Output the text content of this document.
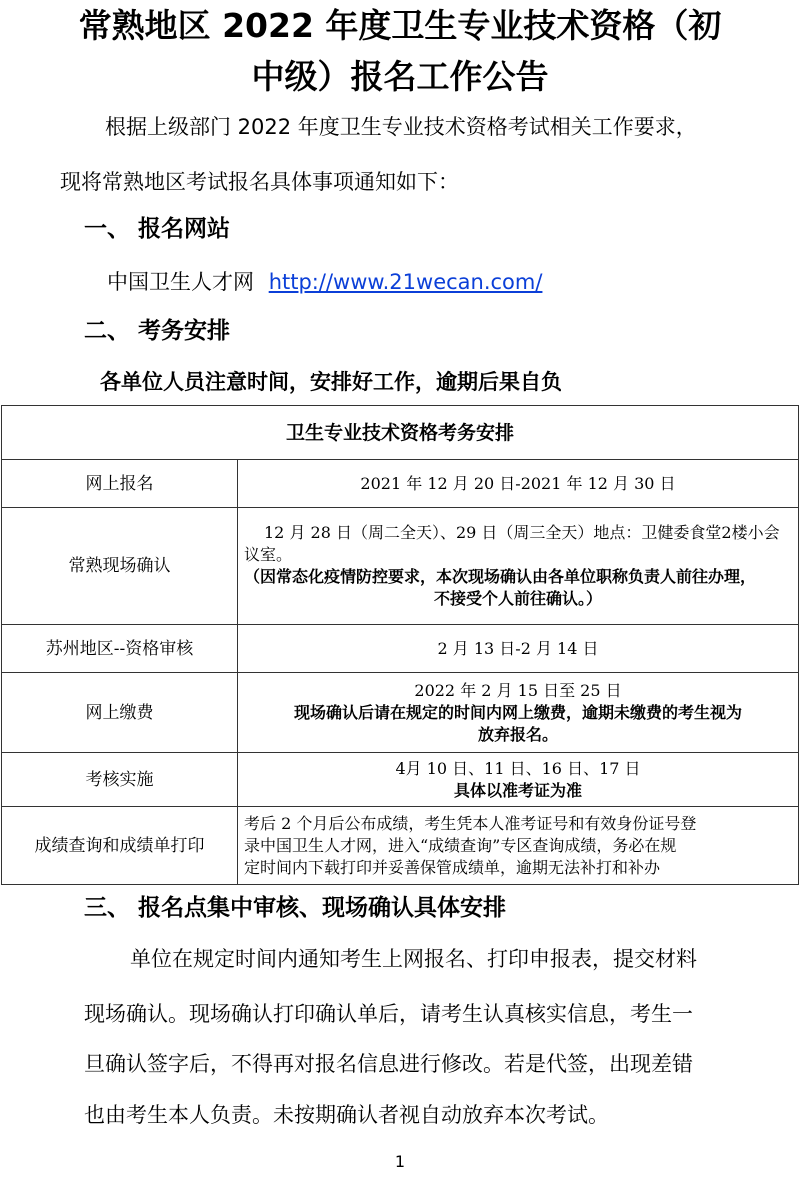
常熟地区 2022 年度卫生专业技术资格（初
中级）报名工作公告

根据上级部门 2022 年度卫生专业技术资格考试相关工作要求，

现将常熟地区考试报名具体事项通知如下：

一、 报名网站

中国卫生人才网 http://www.21wecan.com/

二、 考务安排

各单位人员注意时间，安排好工作，逾期后果自负

卫生专业技术资格考务安排	
网上报名	2021 年 12 月 20 日-2021 年 12 月 30 日
常熟现场确认	12 月 28 日（周二全天）、29 日（周三全天）地点：卫健委食堂2楼小会
议室。
（因常态化疫情防控要求，本次现场确认由各单位职称负责人前往办理，
不接受个人前往确认。）

苏州地区--资格审核	2 月 13 日-2 月 14 日
网上缴费	2022 年 2 月 15 日至 25 日
现场确认后请在规定的时间内网上缴费，逾期未缴费的考生视为
放弃报名。

考核实施	4月 10 日、11 日、16 日、17 日
具体以准考证为准

成绩查询和成绩单打印	考后 2 个月后公布成绩，考生凭本人准考证号和有效身份证号登
录中国卫生人才网，进入“成绩查询”专区查询成绩，务必在规
定时间内下载打印并妥善保管成绩单，逾期无法补打和补办
三、 报名点集中审核、现场确认具体安排

单位在规定时间内通知考生上网报名、打印申报表，提交材料

现场确认。现场确认打印确认单后，请考生认真核实信息，考生一

旦确认签字后，不得再对报名信息进行修改。若是代签，出现差错

也由考生本人负责。未按期确认者视自动放弃本次考试。

1
